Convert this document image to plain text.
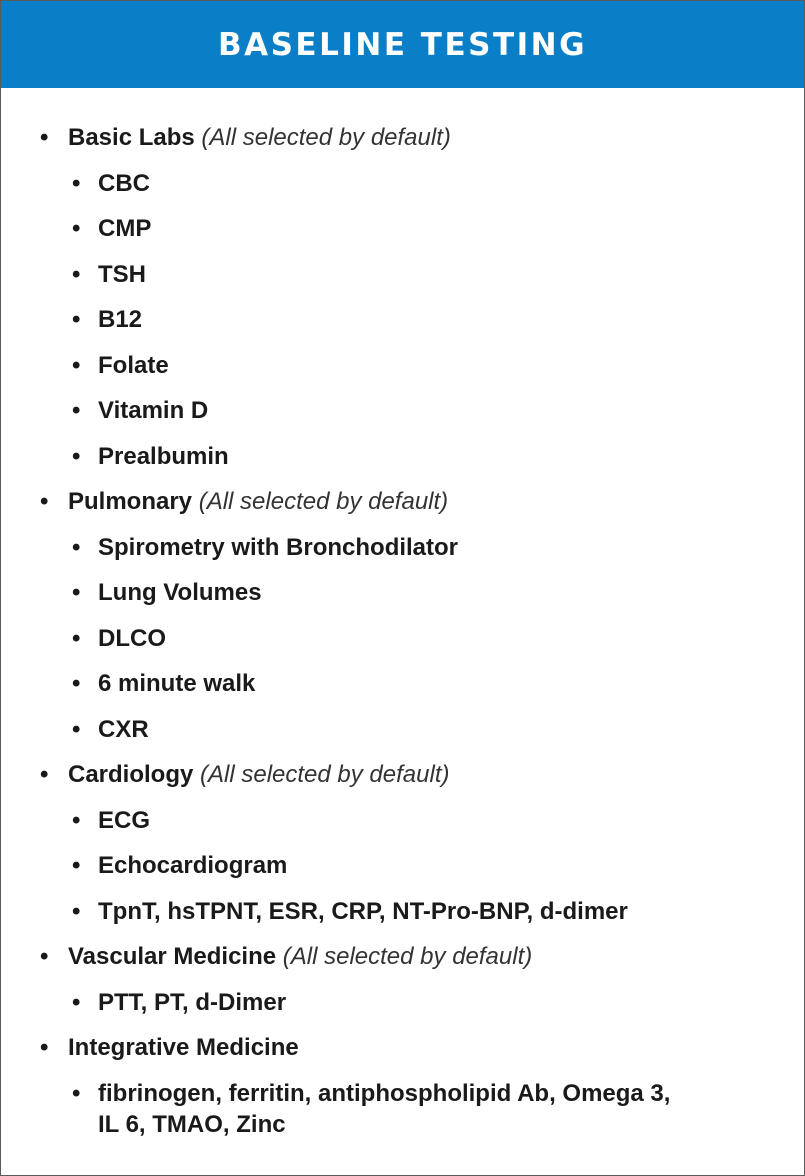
BASELINE TESTING
• Basic Labs (All selected by default)
• CBC
• CMP
• TSH
• B12
• Folate
• Vitamin D
• Prealbumin
• Pulmonary (All selected by default)
• Spirometry with Bronchodilator
• Lung Volumes
• DLCO
• 6 minute walk
• CXR
• Cardiology (All selected by default)
• ECG
• Echocardiogram
• TpnT, hsTPNT, ESR, CRP, NT-Pro-BNP, d-dimer
• Vascular Medicine (All selected by default)
• PTT, PT, d-Dimer
• Integrative Medicine
• fibrinogen, ferritin, antiphospholipid Ab, Omega 3,
IL 6, TMAO, Zinc
